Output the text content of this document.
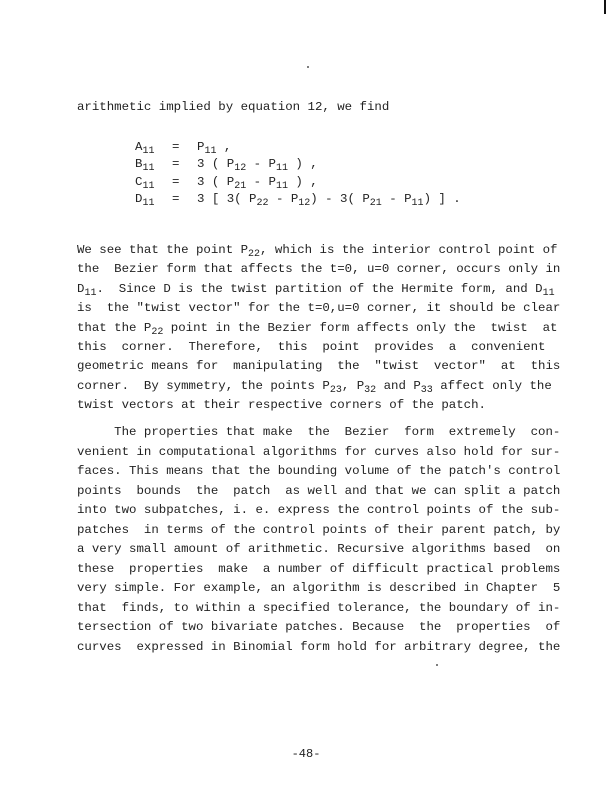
arithmetic implied by equation 12, we find
$A_{11} = P_{11}$ ,
$B_{11} = 3$ ( $P_{12} - P_{11}$ ) ,
$C_{11} = 3$ ( $P_{21} - P_{11}$ ) ,
$D_{11} = 3$ [ 3( $P_{22} - P_{12}) - 3$( $P_{21} - P_{11}$) ] .
We see that the point $P_{22}$, which is the interior control point of
the  Bezier form that affects the t=0, u=0 corner, occurs only in
$D_{11}$.  Since D is the twist partition of the Hermite form, and $D_{11}$
is  the "twist vector" for the t=0,u=0 corner, it should be clear
that the $P_{22}$ point in the Bezier form affects only the  twist  at
this  corner.  Therefore,  this  point  provides  a  convenient
geometric means for  manipulating  the  "twist  vector"  at  this
corner.  By symmetry, the points $P_{23}$, $P_{32}$ and $P_{33}$ affect only the
twist vectors at their respective corners of the patch.
The properties that make  the  Bezier  form  extremely  con-
venient in computational algorithms for curves also hold for sur-
faces. This means that the bounding volume of the patch's control
points  bounds  the  patch  as well and that we can split a patch
into two subpatches, i. e. express the control points of the sub-
patches  in terms of the control points of their parent patch, by
a very small amount of arithmetic. Recursive algorithms based  on
these  properties  make  a number of difficult practical problems
very simple. For example, an algorithm is described in Chapter  5
that  finds, to within a specified tolerance, the boundary of in-
tersection of two bivariate patches. Because  the  properties  of
curves  expressed in Binomial form hold for arbitrary degree, the
-48-
